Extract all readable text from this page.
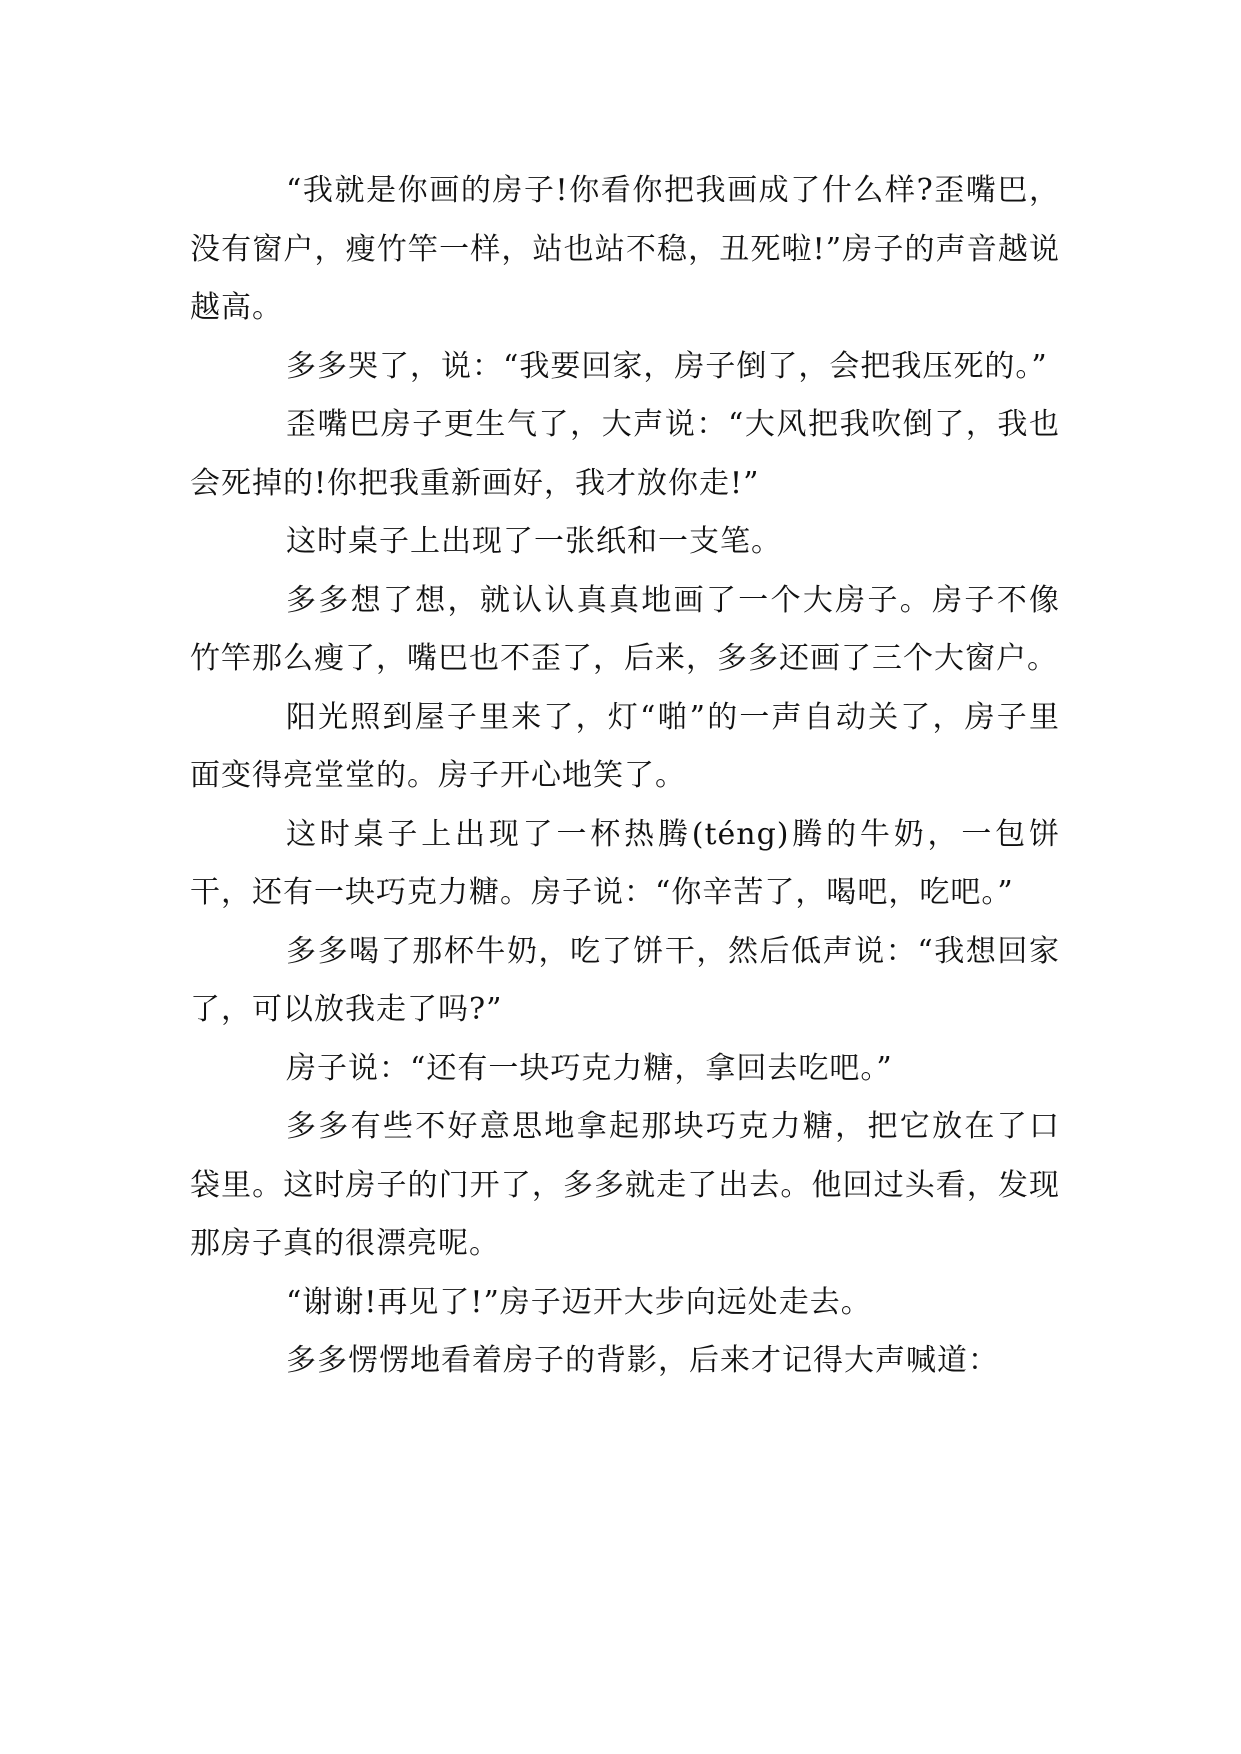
“我就是你画的房子!你看你把我画成了什么样?歪嘴巴，没有窗户，瘦竹竿一样，站也站不稳，丑死啦!”房子的声音越说越高。

多多哭了，说：“我要回家，房子倒了，会把我压死的。”

歪嘴巴房子更生气了，大声说：“大风把我吹倒了，我也会死掉的!你把我重新画好，我才放你走!”

这时桌子上出现了一张纸和一支笔。

多多想了想，就认认真真地画了一个大房子。房子不像竹竿那么瘦了，嘴巴也不歪了，后来，多多还画了三个大窗户。

阳光照到屋子里来了，灯“啪”的一声自动关了，房子里面变得亮堂堂的。房子开心地笑了。

这时桌子上出现了一杯热腾(téng)腾的牛奶，一包饼干，还有一块巧克力糖。房子说：“你辛苦了，喝吧，吃吧。”

多多喝了那杯牛奶，吃了饼干，然后低声说：“我想回家了，可以放我走了吗?”

房子说：“还有一块巧克力糖，拿回去吃吧。”

多多有些不好意思地拿起那块巧克力糖，把它放在了口袋里。这时房子的门开了，多多就走了出去。他回过头看，发现那房子真的很漂亮呢。

“谢谢!再见了!”房子迈开大步向远处走去。

多多愣愣地看着房子的背影，后来才记得大声喊道：
